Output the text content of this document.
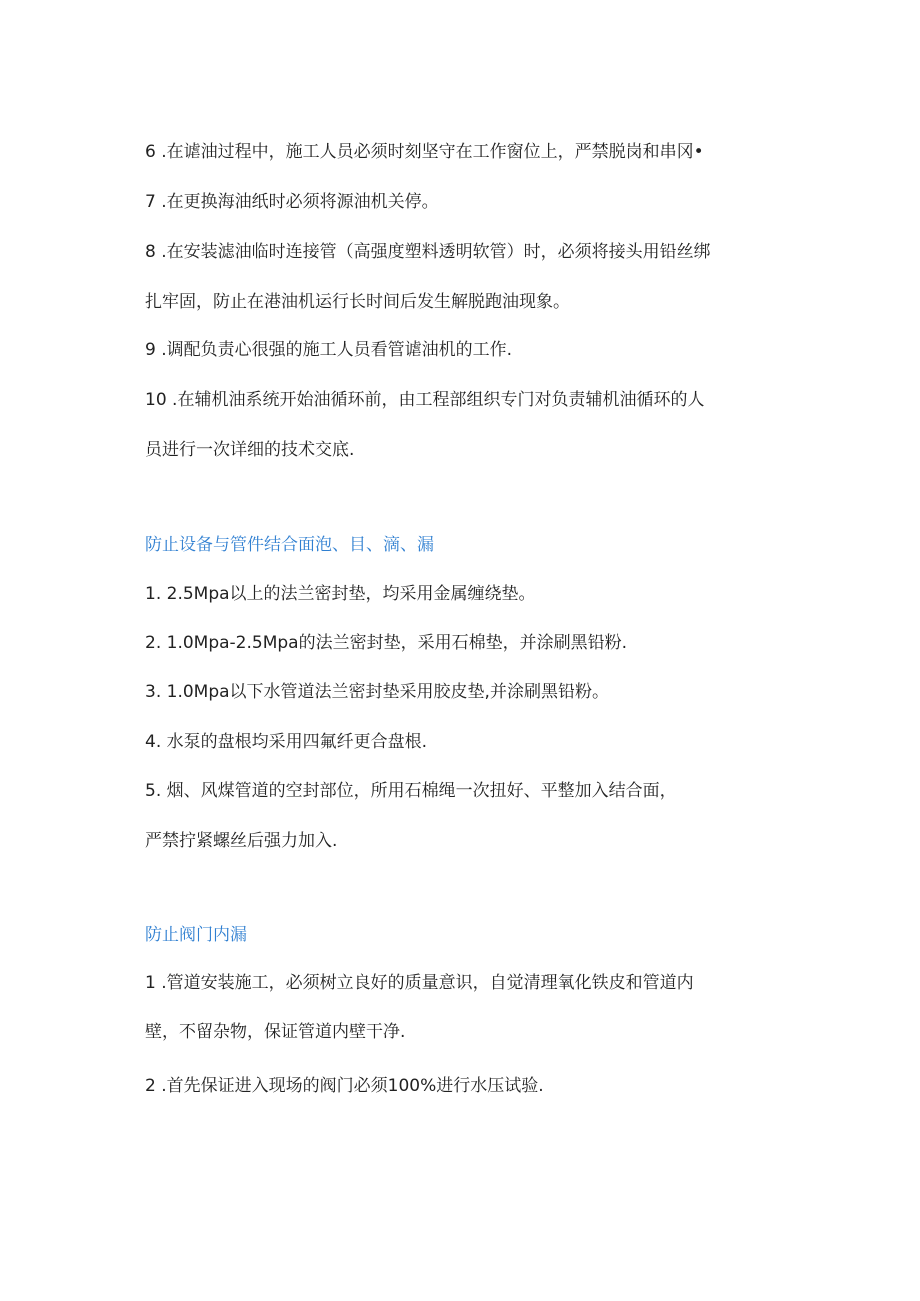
6 .在谑油过程中，施工人员必须时刻坚守在工作窗位上，严禁脱岗和串冈•
7 .在更换海油纸时必须将源油机关停。
8 .在安装滤油临时连接管（高强度塑料透明软管）时，必须将接头用铅丝绑
扎牢固，防止在港油机运行长时间后发生解脱跑油现象。
9 .调配负责心很强的施工人员看管谑油机的工作.
10 .在辅机油系统开始油循环前，由工程部组织专门对负责辅机油循环的人
员进行一次详细的技术交底.
防止设备与管件结合面泡、目、滴、漏
1. 2.5Mpa以上的法兰密封垫，均采用金属缠绕垫。
2. 1.0Mpa-2.5Mpa的法兰密封垫，采用石棉垫，并涂刷黑铅粉.
3. 1.0Mpa以下水管道法兰密封垫采用胶皮垫,并涂刷黑铅粉。
4. 水泵的盘根均采用四氟纤更合盘根.
5. 烟、风煤管道的空封部位，所用石棉绳一次扭好、平整加入结合面，
严禁拧紧螺丝后强力加入.
防止阀门内漏
1 .管道安装施工，必须树立良好的质量意识，自觉清理氧化铁皮和管道内
壁，不留杂物，保证管道内壁干净.
2 .首先保证进入现场的阀门必须100%进行水压试验.
